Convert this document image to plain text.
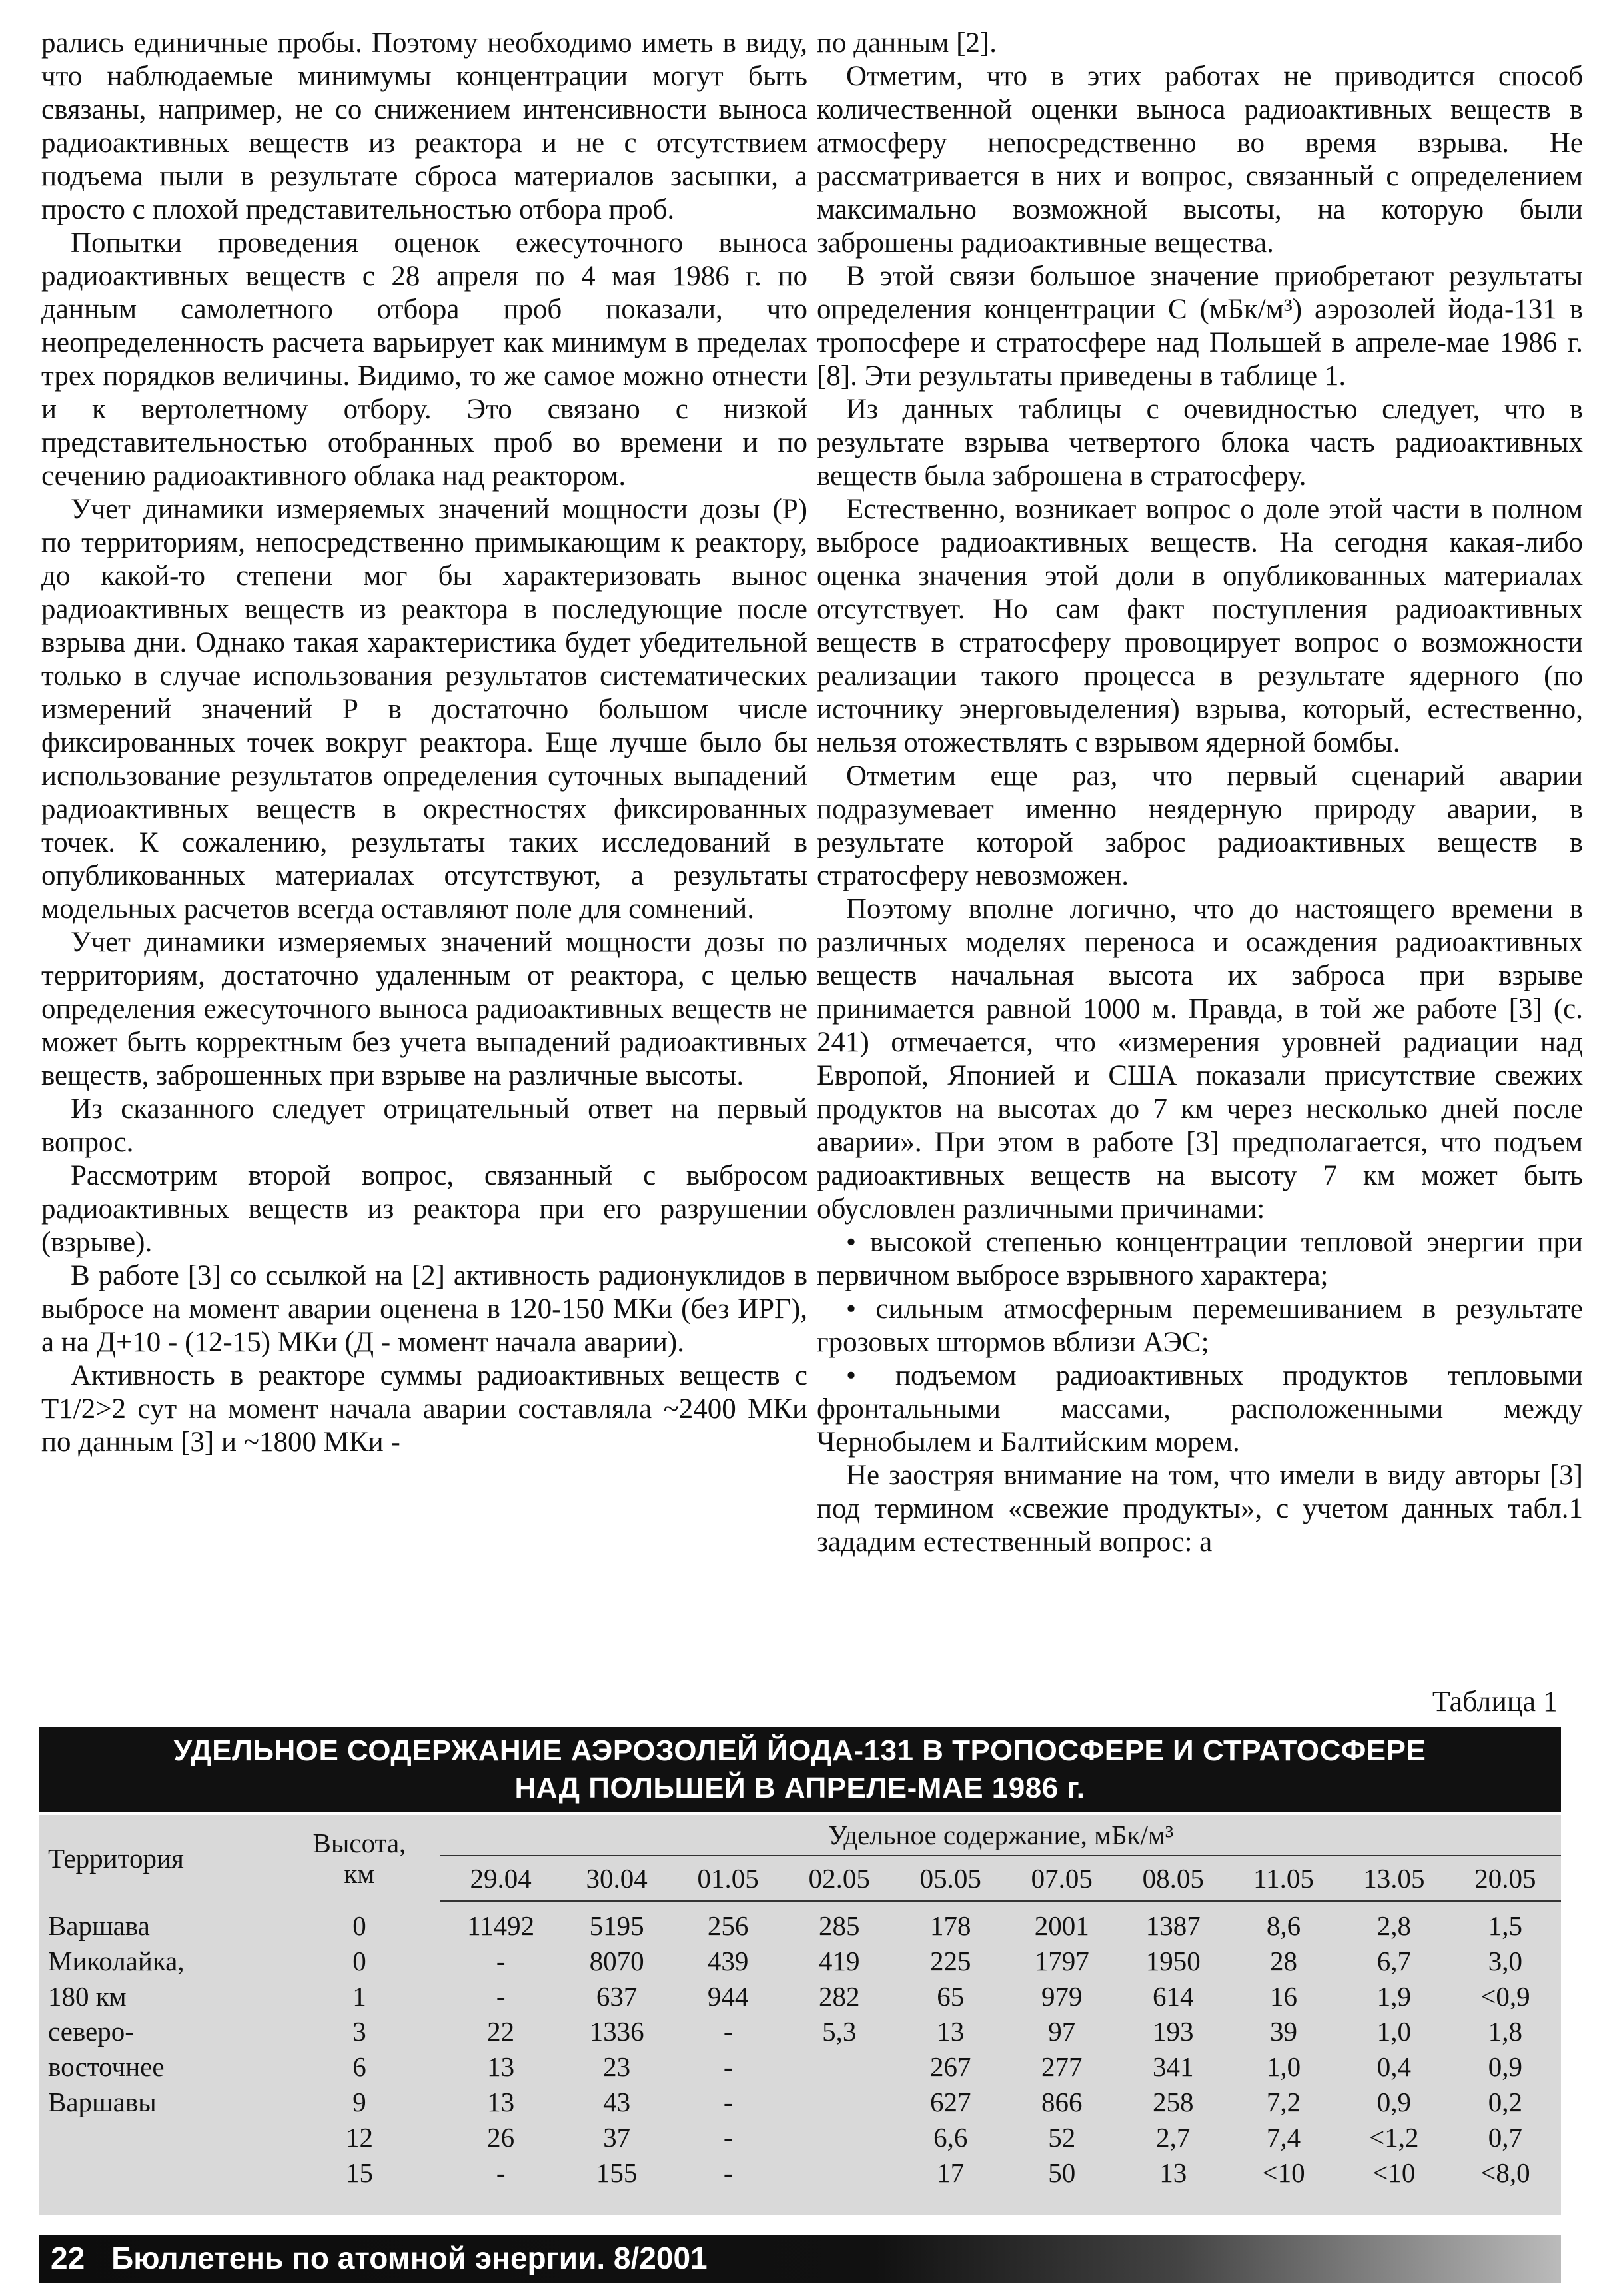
рались единичные пробы. Поэтому необходимо иметь в виду, что наблюдаемые минимумы концентрации могут быть связаны, например, не со снижением интенсивности выноса радиоактивных веществ из реактора и не с отсутствием подъема пыли в результате сброса материалов засыпки, а просто с плохой представительностью отбора проб.

Попытки проведения оценок ежесуточного выноса радиоактивных веществ с 28 апреля по 4 мая 1986 г. по данным самолетного отбора проб показали, что неопределенность расчета варьирует как минимум в пределах трех порядков величины. Видимо, то же самое можно отнести и к вертолетному отбору. Это связано с низкой представительностью отобранных проб во времени и по сечению радиоактивного облака над реактором.

Учет динамики измеряемых значений мощности дозы (Р) по территориям, непосредственно примыкающим к реактору, до какой-то степени мог бы характеризовать вынос радиоактивных веществ из реактора в последующие после взрыва дни. Однако такая характеристика будет убедительной только в случае использования результатов систематических измерений значений Р в достаточно большом числе фиксированных точек вокруг реактора. Еще лучше было бы использование результатов определения суточных выпадений радиоактивных веществ в окрестностях фиксированных точек. К сожалению, результаты таких исследований в опубликованных материалах отсутствуют, а результаты модельных расчетов всегда оставляют поле для сомнений.

Учет динамики измеряемых значений мощности дозы по территориям, достаточно удаленным от реактора, с целью определения ежесуточного выноса радиоактивных веществ не может быть корректным без учета выпадений радиоактивных веществ, заброшенных при взрыве на различные высоты.

Из сказанного следует отрицательный ответ на первый вопрос.

Рассмотрим второй вопрос, связанный с выбросом радиоактивных веществ из реактора при его разрушении (взрыве).

В работе [3] со ссылкой на [2] активность радионуклидов в выбросе на момент аварии оценена в 120-150 МКи (без ИРГ), а на Д+10 - (12-15) МКи (Д - момент начала аварии).

Активность в реакторе суммы радиоактивных веществ с T1/2>2 сут на момент начала аварии составляла ~2400 МКи по данным [3] и ~1800 МКи -

по данным [2].

Отметим, что в этих работах не приводится способ количественной оценки выноса радиоактивных веществ в атмосферу непосредственно во время взрыва. Не рассматривается в них и вопрос, связанный с определением максимально возможной высоты, на которую были заброшены радиоактивные вещества.

В этой связи большое значение приобретают результаты определения концентрации С (мБк/м³) аэрозолей йода-131 в тропосфере и стратосфере над Польшей в апреле-мае 1986 г. [8]. Эти результаты приведены в таблице 1.

Из данных таблицы с очевидностью следует, что в результате взрыва четвертого блока часть радиоактивных веществ была заброшена в стратосферу.

Естественно, возникает вопрос о доле этой части в полном выбросе радиоактивных веществ. На сегодня какая-либо оценка значения этой доли в опубликованных материалах отсутствует. Но сам факт поступления радиоактивных веществ в стратосферу провоцирует вопрос о возможности реализации такого процесса в результате ядерного (по источнику энерговыделения) взрыва, который, естественно, нельзя отожествлять с взрывом ядерной бомбы.

Отметим еще раз, что первый сценарий аварии подразумевает именно неядерную природу аварии, в результате которой заброс радиоактивных веществ в стратосферу невозможен.

Поэтому вполне логично, что до настоящего времени в различных моделях переноса и осаждения радиоактивных веществ начальная высота их заброса при взрыве принимается равной 1000 м. Правда, в той же работе [3] (с. 241) отмечается, что «измерения уровней радиации над Европой, Японией и США показали присутствие свежих продуктов на высотах до 7 км через несколько дней после аварии». При этом в работе [3] предполагается, что подъем радиоактивных веществ на высоту 7 км может быть обусловлен различными причинами:

• высокой степенью концентрации тепловой энергии при первичном выбросе взрывного характера;

• сильным атмосферным перемешиванием в результате грозовых штормов вблизи АЭС;

• подъемом радиоактивных продуктов тепловыми фронтальными массами, расположенными между Чернобылем и Балтийским морем.

Не заостряя внимание на том, что имели в виду авторы [3] под термином «свежие продукты», с учетом данных табл.1 зададим естественный вопрос: а

Таблица 1
УДЕЛЬНОЕ СОДЕРЖАНИЕ АЭРОЗОЛЕЙ ЙОДА-131 В ТРОПОСФЕРЕ И СТРАТОСФЕРЕ
НАД ПОЛЬШЕЙ В АПРЕЛЕ-МАЕ 1986 г.
Территория	Высота,
км	Удельное содержание, мБк/м³									
		29.04	30.04	01.05	02.05	05.05	07.05	08.05	11.05	13.05	20.05
Варшава	0	11492	5195	256	285	178	2001	1387	8,6	2,8	1,5
Миколайка,	0	-	8070	439	419	225	1797	1950	28	6,7	3,0
180 км	1	-	637	944	282	65	979	614	16	1,9	<0,9
северо-	3	22	1336	-	5,3	13	97	193	39	1,0	1,8
восточнее	6	13	23	-		267	277	341	1,0	0,4	0,9
Варшавы	9	13	43	-		627	866	258	7,2	0,9	0,2
	12	26	37	-		6,6	52	2,7	7,4	<1,2	0,7
	15	-	155	-		17	50	13	<10	<10	<8,0
22 Бюллетень по атомной энергии. 8/2001
